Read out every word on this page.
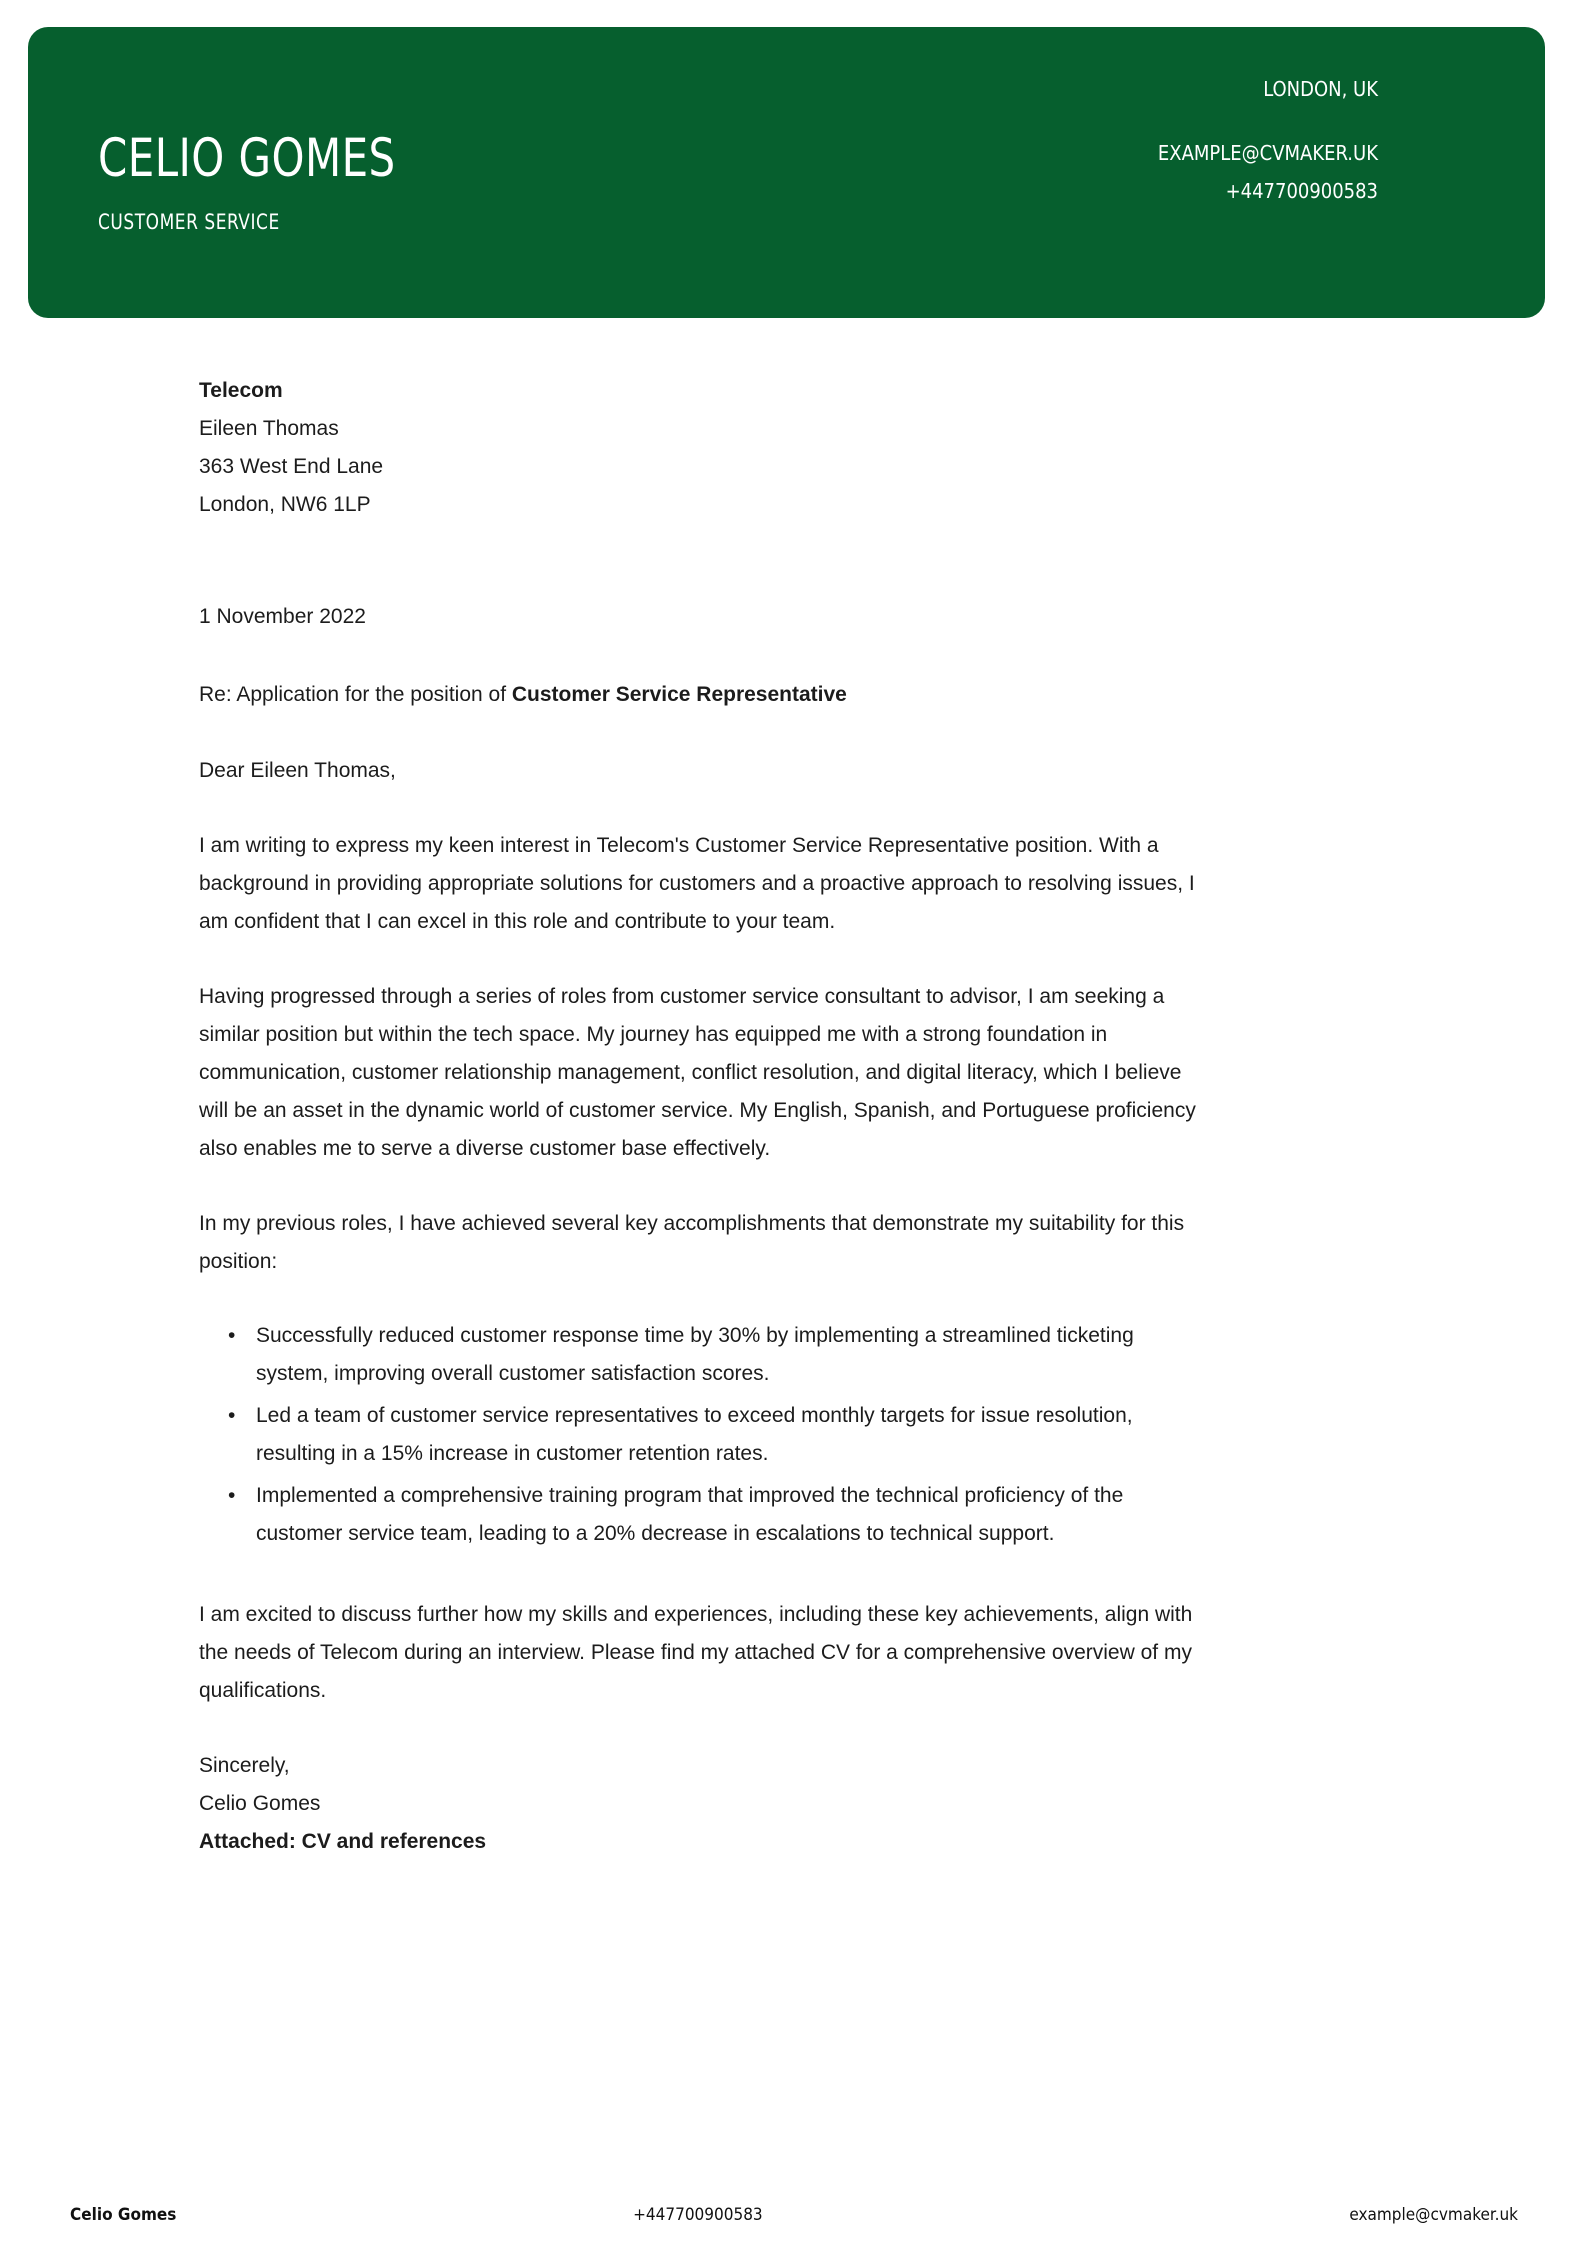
CELIO GOMES
CUSTOMER SERVICE
LONDON, UK
EXAMPLE@CVMAKER.UK
+447700900583
Telecom
Eileen Thomas
363 West End Lane
London, NW6 1LP
1 November 2022
Re: Application for the position of Customer Service Representative
Dear Eileen Thomas,

I am writing to express my keen interest in Telecom's Customer Service Representative position. With a background in providing appropriate solutions for customers and a proactive approach to resolving issues, I am confident that I can excel in this role and contribute to your team.

Having progressed through a series of roles from customer service consultant to advisor, I am seeking a similar position but within the tech space. My journey has equipped me with a strong foundation in communication, customer relationship management, conflict resolution, and digital literacy, which I believe will be an asset in the dynamic world of customer service. My English, Spanish, and Portuguese proficiency also enables me to serve a diverse customer base effectively.

In my previous roles, I have achieved several key accomplishments that demonstrate my suitability for this position:

• Successfully reduced customer response time by 30% by implementing a streamlined ticketing system, improving overall customer satisfaction scores.
• Led a team of customer service representatives to exceed monthly targets for issue resolution, resulting in a 15% increase in customer retention rates.
• Implemented a comprehensive training program that improved the technical proficiency of the customer service team, leading to a 20% decrease in escalations to technical support.

I am excited to discuss further how my skills and experiences, including these key achievements, align with the needs of Telecom during an interview. Please find my attached CV for a comprehensive overview of my qualifications.

Sincerely,
Celio Gomes
Attached: CV and references
Celio Gomes	+447700900583	example@cvmaker.uk
